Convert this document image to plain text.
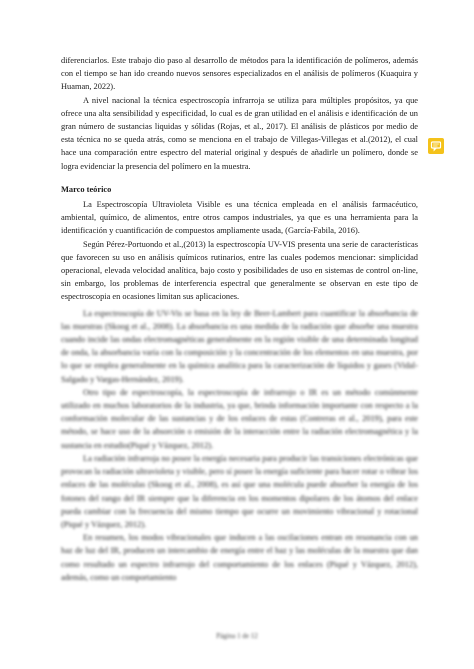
diferenciarlos. Este trabajo dio paso al desarrollo de métodos para la identificación de polímeros, además con el tiempo se han ido creando nuevos sensores especializados en el análisis de polímeros (Kuaquira y Huaman, 2022).

A nivel nacional la técnica espectroscopía infrarroja se utiliza para múltiples propósitos, ya que ofrece una alta sensibilidad y especificidad, lo cual es de gran utilidad en el análisis e identificación de un gran número de sustancias liquidas y sólidas (Rojas, et al., 2017). El análisis de plásticos por medio de esta técnica no se queda atrás, como se menciona en el trabajo de Villegas-Villegas et al.(2012), el cual hace una comparación entre espectro del material original y después de añadirle un polímero, donde se logra evidenciar la presencia del polímero en la muestra.

Marco teórico

La Espectroscopía Ultravioleta Visible es una técnica empleada en el análisis farmacéutico, ambiental, químico, de alimentos, entre otros campos industriales, ya que es una herramienta para la identificación y cuantificación de compuestos ampliamente usada, (García-Fabila, 2016).

Según Pérez-Portuondo et al.,(2013) la espectroscopía UV-VIS presenta una serie de características que favorecen su uso en análisis químicos rutinarios, entre las cuales podemos mencionar: simplicidad operacional, elevada velocidad analítica, bajo costo y posibilidades de uso en sistemas de control on-line, sin embargo, los problemas de interferencia espectral que generalmente se observan en este tipo de espectroscopia en ocasiones limitan sus aplicaciones.

La espectroscopía de UV-Vis se basa en la ley de Beer-Lambert para cuantificar la absorbancia de las muestras (Skoog et al., 2008). La absorbancia es una medida de la radiación que absorbe una muestra cuando incide las ondas electromagnéticas generalmente en la región visible de una determinada longitud de onda, la absorbancia varía con la composición y la concentración de los elementos en una muestra, por lo que se emplea generalmente en la química analítica para la caracterización de líquidos y gases (Vidal-Salgado y Vargas-Hernández, 2019).

Otro tipo de espectroscopía, la espectroscopía de infrarrojo o IR es un método comúnmente utilizado en muchos laboratorios de la industria, ya que, brinda información importante con respecto a la conformación molecular de las sustancias y de los enlaces de estas (Contreras et al., 2019), para este método, se hace uso de la absorción o emisión de la interacción entre la radiación electromagnética y la sustancia en estudio(Piqué y Vázquez, 2012).

La radiación infrarroja no posee la energía necesaria para producir las transiciones electrónicas que provocan la radiación ultravioleta y visible, pero sí posee la energía suficiente para hacer rotar o vibrar los enlaces de las moléculas (Skoog et al., 2008), es así que una molécula puede absorber la energía de los fotones del rango del IR siempre que la diferencia en los momentos dipolares de los átomos del enlace pueda cambiar con la frecuencia del mismo tiempo que ocurre un movimiento vibracional y rotacional (Piqué y Vázquez, 2012).

En resumen, los modos vibracionales que inducen a las oscilaciones entran en resonancia con un haz de luz del IR, producen un intercambio de energía entre el haz y las moléculas de la muestra que dan como resultado un espectro infrarrojo del comportamiento de los enlaces (Piqué y Vázquez, 2012), además, como un comportamiento

Página 1 de 12
